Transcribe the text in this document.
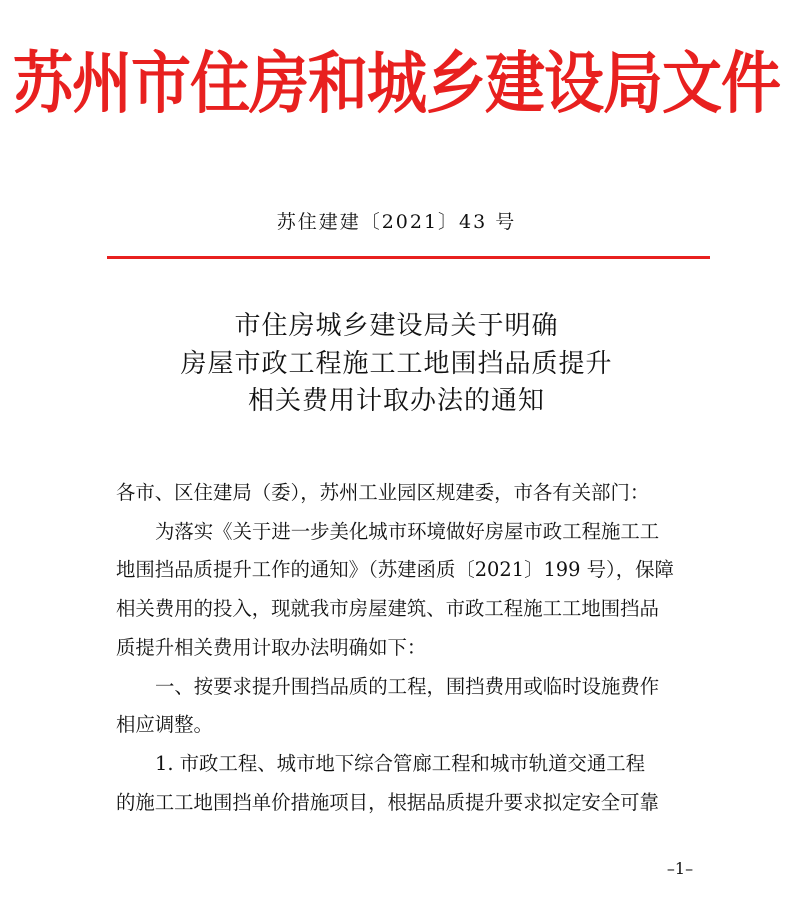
苏州市住房和城乡建设局文件
苏住建建〔2021〕43 号
市住房城乡建设局关于明确
房屋市政工程施工工地围挡品质提升
相关费用计取办法的通知

各市、区住建局（委），苏州工业园区规建委，市各有关部门：

为落实《关于进一步美化城市环境做好房屋市政工程施工工

地围挡品质提升工作的通知》（苏建函质〔2021〕199 号），保障

相关费用的投入，现就我市房屋建筑、市政工程施工工地围挡品

质提升相关费用计取办法明确如下：

一、按要求提升围挡品质的工程，围挡费用或临时设施费作

相应调整。

1. 市政工程、城市地下综合管廊工程和城市轨道交通工程

的施工工地围挡单价措施项目，根据品质提升要求拟定安全可靠

–1–
